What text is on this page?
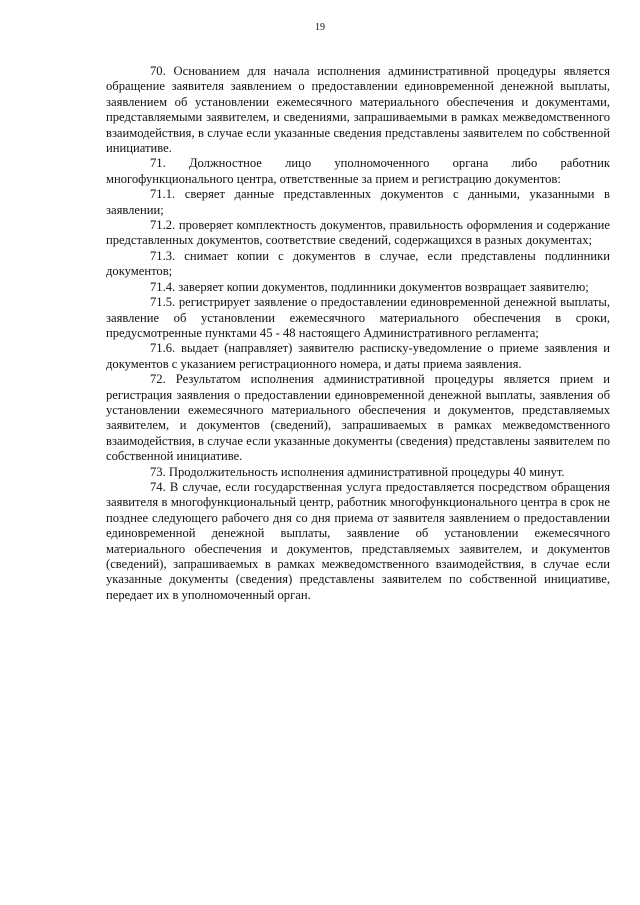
19

70. Основанием для начала исполнения административной процедуры является обращение заявителя заявлением о предоставлении единовременной денежной выплаты, заявлением об установлении ежемесячного материального обеспечения и документами, представляемыми заявителем, и сведениями, запрашиваемыми в рамках межведомственного взаимодействия, в случае если указанные сведения представлены заявителем по собственной инициативе.

71. Должностное лицо уполномоченного органа либо работник многофункционального центра, ответственные за прием и регистрацию документов:

71.1. сверяет данные представленных документов с данными, указанными в заявлении;

71.2. проверяет комплектность документов, правильность оформления и содержание представленных документов, соответствие сведений, содержащихся в разных документах;

71.3. снимает копии с документов в случае, если представлены подлинники документов;

71.4. заверяет копии документов, подлинники документов возвращает заявителю;

71.5. регистрирует заявление о предоставлении единовременной денежной выплаты, заявление об установлении ежемесячного материального обеспечения в сроки, предусмотренные пунктами 45 - 48 настоящего Административного регламента;

71.6. выдает (направляет) заявителю расписку-уведомление о приеме заявления и документов с указанием регистрационного номера, и даты приема заявления.

72. Результатом исполнения административной процедуры является прием и регистрация заявления о предоставлении единовременной денежной выплаты, заявления об установлении ежемесячного материального обеспечения и документов, представляемых заявителем, и документов (сведений), запрашиваемых в рамках межведомственного взаимодействия, в случае если указанные документы (сведения) представлены заявителем по собственной инициативе.

73. Продолжительность исполнения административной процедуры 40 минут.

74. В случае, если государственная услуга предоставляется посредством обращения заявителя в многофункциональный центр, работник многофункционального центра в срок не позднее следующего рабочего дня со дня приема от заявителя заявлением о предоставлении единовременной денежной выплаты, заявление об установлении ежемесячного материального обеспечения и документов, представляемых заявителем, и документов (сведений), запрашиваемых в рамках межведомственного взаимодействия, в случае если указанные документы (сведения) представлены заявителем по собственной инициативе, передает их в уполномоченный орган.
